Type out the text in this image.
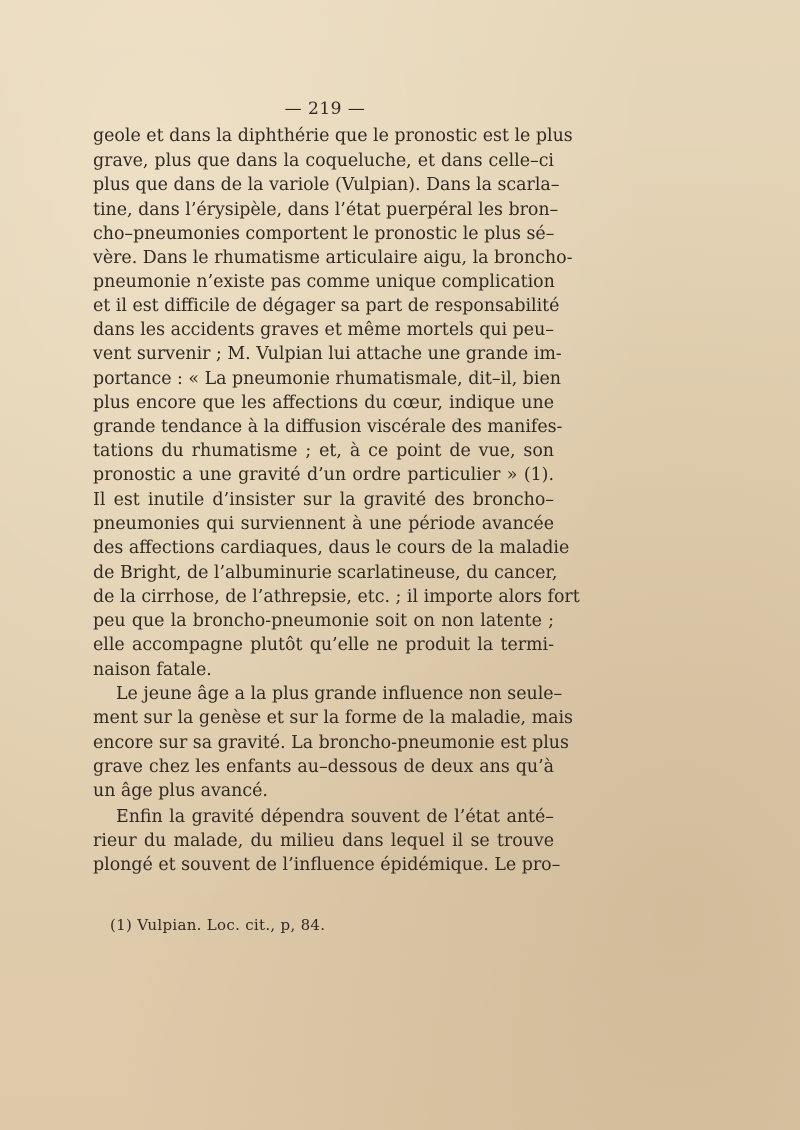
— 219 —
geole et dans la diphthérie que le pronostic est le plus
grave, plus que dans la coqueluche, et dans celle–ci
plus que dans de la variole (Vulpian). Dans la scarla–
tine, dans l’érysipèle, dans l’état puerpéral les bron–
cho–pneumonies comportent le pronostic le plus sé–
vère. Dans le rhumatisme articulaire aigu, la broncho-
pneumonie n’existe pas comme unique complication
et il est difficile de dégager sa part de responsabilité
dans les accidents graves et même mortels qui peu–
vent survenir ; M. Vulpian lui attache une grande im-
portance : « La pneumonie rhumatismale, dit–il, bien
plus encore que les affections du cœur, indique une
grande tendance à la diffusion viscérale des manifes-
tations du rhumatisme ; et, à ce point de vue, son
pronostic a une gravité d’un ordre particulier » (1).
Il est inutile d’insister sur la gravité des broncho–
pneumonies qui surviennent à une période avancée
des affections cardiaques, daus le cours de la maladie
de Bright, de l’albuminurie scarlatineuse, du cancer,
de la cirrhose, de l’athrepsie, etc. ; il importe alors fort
peu que la broncho-pneumonie soit on non latente ;
elle accompagne plutôt qu’elle ne produit la termi-
naison fatale.
Le jeune âge a la plus grande influence non seule–
ment sur la genèse et sur la forme de la maladie, mais
encore sur sa gravité. La broncho-pneumonie est plus
grave chez les enfants au–dessous de deux ans qu’à
un âge plus avancé.
Enfin la gravité dépendra souvent de l’état anté–
rieur du malade, du milieu dans lequel il se trouve
plongé et souvent de l’influence épidémique. Le pro–
(1) Vulpian. Loc. cit., p, 84.
